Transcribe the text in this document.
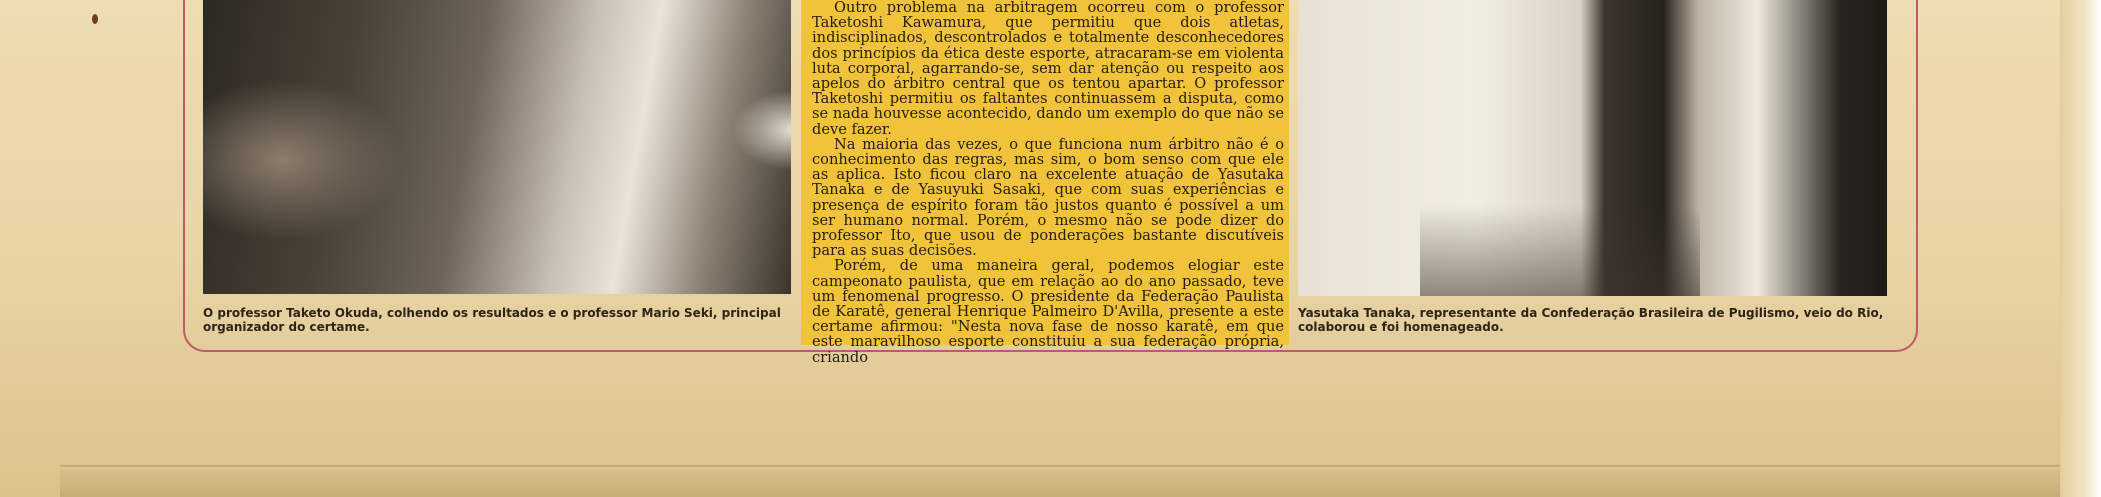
O professor Taketo Okuda, colhendo os resultados e o professor Mario Seki, principal organizador do certame.

Outro problema na arbitragem ocorreu com o professor Taketoshi Kawamura, que permitiu que dois atletas, indisciplinados, descontrolados e totalmente desconhecedores dos princípios da ética deste esporte, atracaram-se em violenta luta corporal, agarrando-se, sem dar atenção ou respeito aos apelos do árbitro central que os tentou apartar. O professor Taketoshi permitiu os faltantes continuassem a disputa, como se nada houvesse acontecido, dando um exemplo do que não se deve fazer.

Na maioria das vezes, o que funciona num árbitro não é o conhecimento das regras, mas sim, o bom senso com que ele as aplica. Isto ficou claro na excelente atuação de Yasutaka Tanaka e de Yasuyuki Sasaki, que com suas experiências e presença de espírito foram tão justos quanto é possível a um ser humano normal. Porém, o mesmo não se pode dizer do professor Ito, que usou de ponderações bastante discutíveis para as suas decisões.

Porém, de uma maneira geral, podemos elogiar este campeonato paulista, que em relação ao do ano passado, teve um fenomenal progresso. O presidente da Federação Paulista de Karatê, general Henrique Palmeiro D'Avilla, presente a este certame afirmou: "Nesta nova fase de nosso karatê, em que este maravilhoso esporte constituiu a sua federação própria, criando

Yasutaka Tanaka, representante da Confederação Brasileira de Pugilismo, veio do Rio, colaborou e foi homenageado.
